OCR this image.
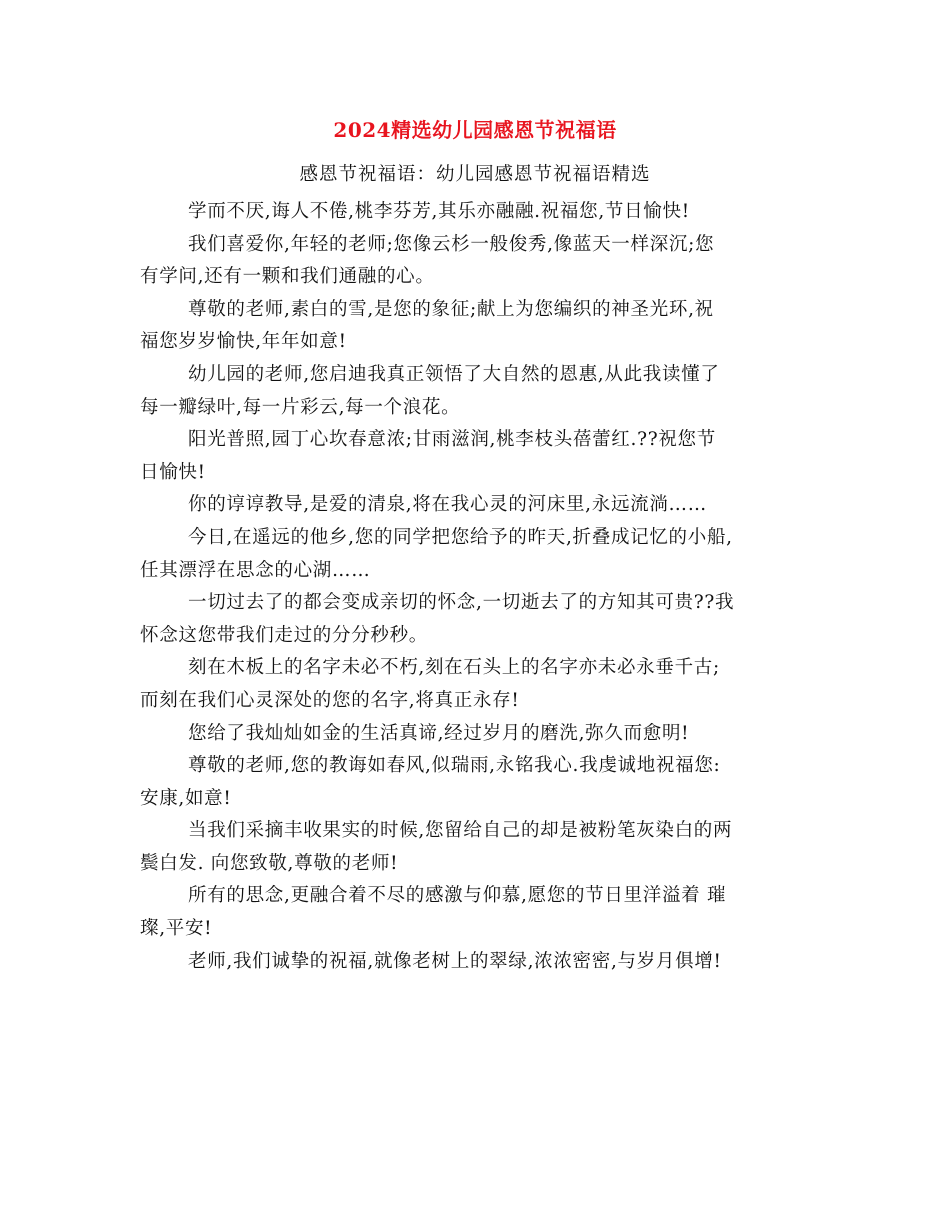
2024精选幼儿园感恩节祝福语
感恩节祝福语：幼儿园感恩节祝福语精选

学而不厌,诲人不倦,桃李芬芳,其乐亦融融.祝福您,节日愉快!

我们喜爱你,年轻的老师;您像云杉一般俊秀,像蓝天一样深沉;您
有学问,还有一颗和我们通融的心。

尊敬的老师,素白的雪,是您的象征;献上为您编织的神圣光环,祝
福您岁岁愉快,年年如意!

幼儿园的老师,您启迪我真正领悟了大自然的恩惠,从此我读懂了
每一瓣绿叶,每一片彩云,每一个浪花。

阳光普照,园丁心坎春意浓;甘雨滋润,桃李枝头蓓蕾红.??祝您节
日愉快!

你的谆谆教导,是爱的清泉,将在我心灵的河床里,永远流淌……

今日,在遥远的他乡,您的同学把您给予的昨天,折叠成记忆的小船,
任其漂浮在思念的心湖……

一切过去了的都会变成亲切的怀念,一切逝去了的方知其可贵??我
怀念这您带我们走过的分分秒秒。

刻在木板上的名字未必不朽,刻在石头上的名字亦未必永垂千古;
而刻在我们心灵深处的您的名字,将真正永存!

您给了我灿灿如金的生活真谛,经过岁月的磨洗,弥久而愈明!

尊敬的老师,您的教诲如春风,似瑞雨,永铭我心.我虔诚地祝福您:
安康,如意!

当我们采摘丰收果实的时候,您留给自己的却是被粉笔灰染白的两
鬓白发. 向您致敬,尊敬的老师!

所有的思念,更融合着不尽的感激与仰慕,愿您的节日里洋溢着 璀
璨,平安!

老师,我们诚挚的祝福,就像老树上的翠绿,浓浓密密,与岁月俱增!
